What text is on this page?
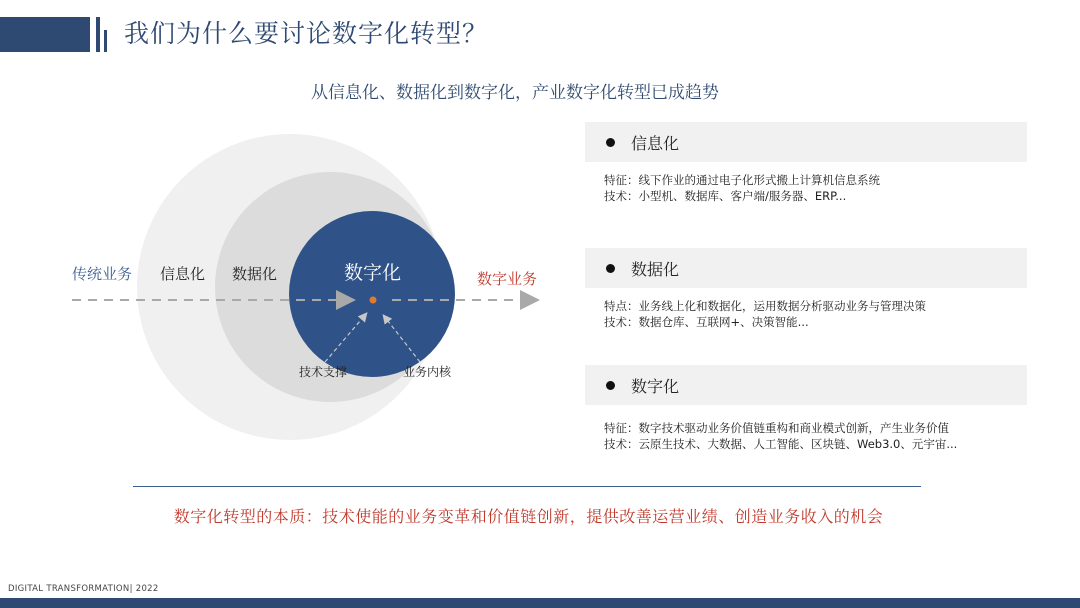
我们为什么要讨论数字化转型？
从信息化、数据化到数字化，产业数字化转型已成趋势
传统业务 信息化 数据化	数字化	数字业务
技术支撑	业务内核
信息化
特征：线下作业的通过电子化形式搬上计算机信息系统
技术：小型机、数据库、客户端/服务器、ERP...
数据化
特点：业务线上化和数据化，运用数据分析驱动业务与管理决策
技术：数据仓库、互联网+、决策智能...
数字化
特征：数字技术驱动业务价值链重构和商业模式创新，产生业务价值
技术：云原生技术、大数据、人工智能、区块链、Web3.0、元宇宙...
数字化转型的本质：技术使能的业务变革和价值链创新，提供改善运营业绩、创造业务收入的机会
DIGITAL TRANSFORMATION| 2022
